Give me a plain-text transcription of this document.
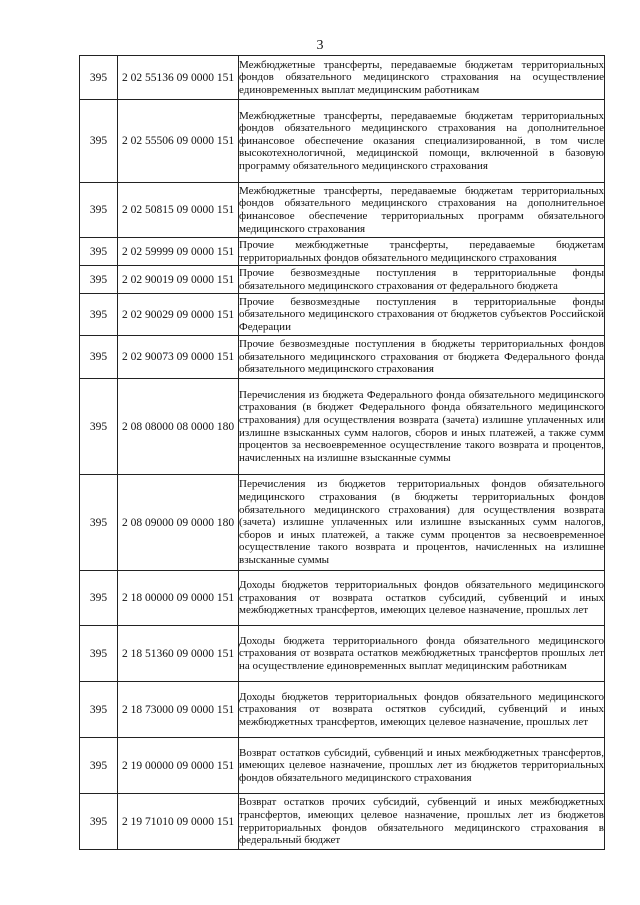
3
395	2 02 55136 09 0000 151	Межбюджетные трансферты, передаваемые бюджетам территориальных фондов обязательного медицинского страхования на осуществление единовременных выплат медицинским работникам
395	2 02 55506 09 0000 151	Межбюджетные трансферты, передаваемые бюджетам территориальных фондов обязательного медицинского страхования на дополнительное финансовое обеспечение оказания специализированной, в том числе высокотехнологичной, медицинской помощи, включенной в базовую программу обязательного медицинского страхования
395	2 02 50815 09 0000 151	Межбюджетные трансферты, передаваемые бюджетам территориальных фондов обязательного медицинского страхования на дополнительное финансовое обеспечение территориальных программ обязательного медицинского страхования
395	2 02 59999 09 0000 151	Прочие межбюджетные трансферты, передаваемые бюджетам территориальных фондов обязательного медицинского страхования
395	2 02 90019 09 0000 151	Прочие безвозмездные поступления в территориальные фонды обязательного медицинского страхования от федерального бюджета
395	2 02 90029 09 0000 151	Прочие безвозмездные поступления в территориальные фонды обязательного медицинского страхования от бюджетов субъектов Российской Федерации
395	2 02 90073 09 0000 151	Прочие безвозмездные поступления в бюджеты территориальных фондов обязательного медицинского страхования от бюджета Федерального фонда обязательного медицинского страхования
395	2 08 08000 08 0000 180	Перечисления из бюджета Федерального фонда обязательного медицинского страхования (в бюджет Федерального фонда обязательного медицинского страхования) для осуществления возврата (зачета) излишне уплаченных или излишне взысканных сумм налогов, сборов и иных платежей, а также сумм процентов за несвоевременное осуществление такого возврата и процентов, начисленных на излишне взысканные суммы
395	2 08 09000 09 0000 180	Перечисления из бюджетов территориальных фондов обязательного медицинского страхования (в бюджеты территориальных фондов обязательного медицинского страхования) для осуществления возврата (зачета) излишне уплаченных или излишне взысканных сумм налогов, сборов и иных платежей, а также сумм процентов за несвоевременное осуществление такого возврата и процентов, начисленных на излишне взысканные суммы
395	2 18 00000 09 0000 151	Доходы бюджетов территориальных фондов обязательного медицинского страхования от возврата остатков субсидий, субвенций и иных межбюджетных трансфертов, имеющих целевое назначение, прошлых лет
395	2 18 51360 09 0000 151	Доходы бюджета территориального фонда обязательного медицинского страхования от возврата остатков межбюджетных трансфертов прошлых лет на осуществление единовременных выплат медицинским работникам
395	2 18 73000 09 0000 151	Доходы бюджетов территориальных фондов обязательного медицинского страхования от возврата остятков субсидий, субвенций и иных межбюджетных трансфертов, имеющих целевое назначение, прошлых лет
395	2 19 00000 09 0000 151	Возврат остатков субсидий, субвенций и иных межбюджетных трансфертов, имеющих целевое назначение, прошлых лет из бюджетов территориальных фондов обязательного медицинского страхования
395	2 19 71010 09 0000 151	Возврат остатков прочих субсидий, субвенций и иных межбюджетных трансфертов, имеющих целевое назначение, прошлых лет из бюджетов территориальных фондов обязательного медицинского страхования в федеральный бюджет
